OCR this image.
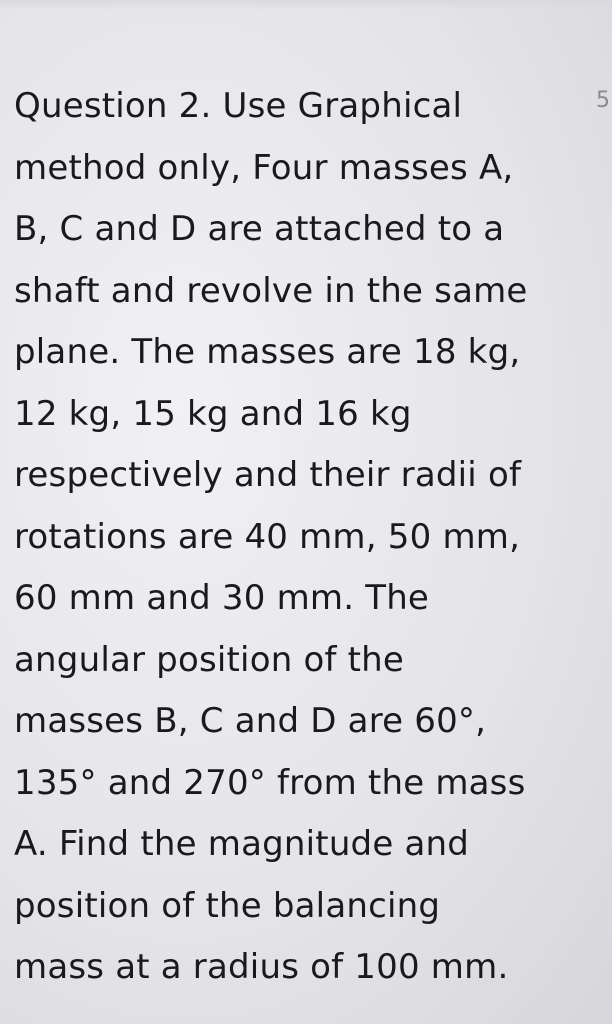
5
Question 2. Use Graphical
method only, Four masses A,
B, C and D are attached to a
shaft and revolve in the same
plane. The masses are 18 kg,
12 kg, 15 kg and 16 kg
respectively and their radii of
rotations are 40 mm, 50 mm,
60 mm and 30 mm. The
angular position of the
masses B, C and D are 60°,
135° and 270° from the mass
A. Find the magnitude and
position of the balancing
mass at a radius of 100 mm.
